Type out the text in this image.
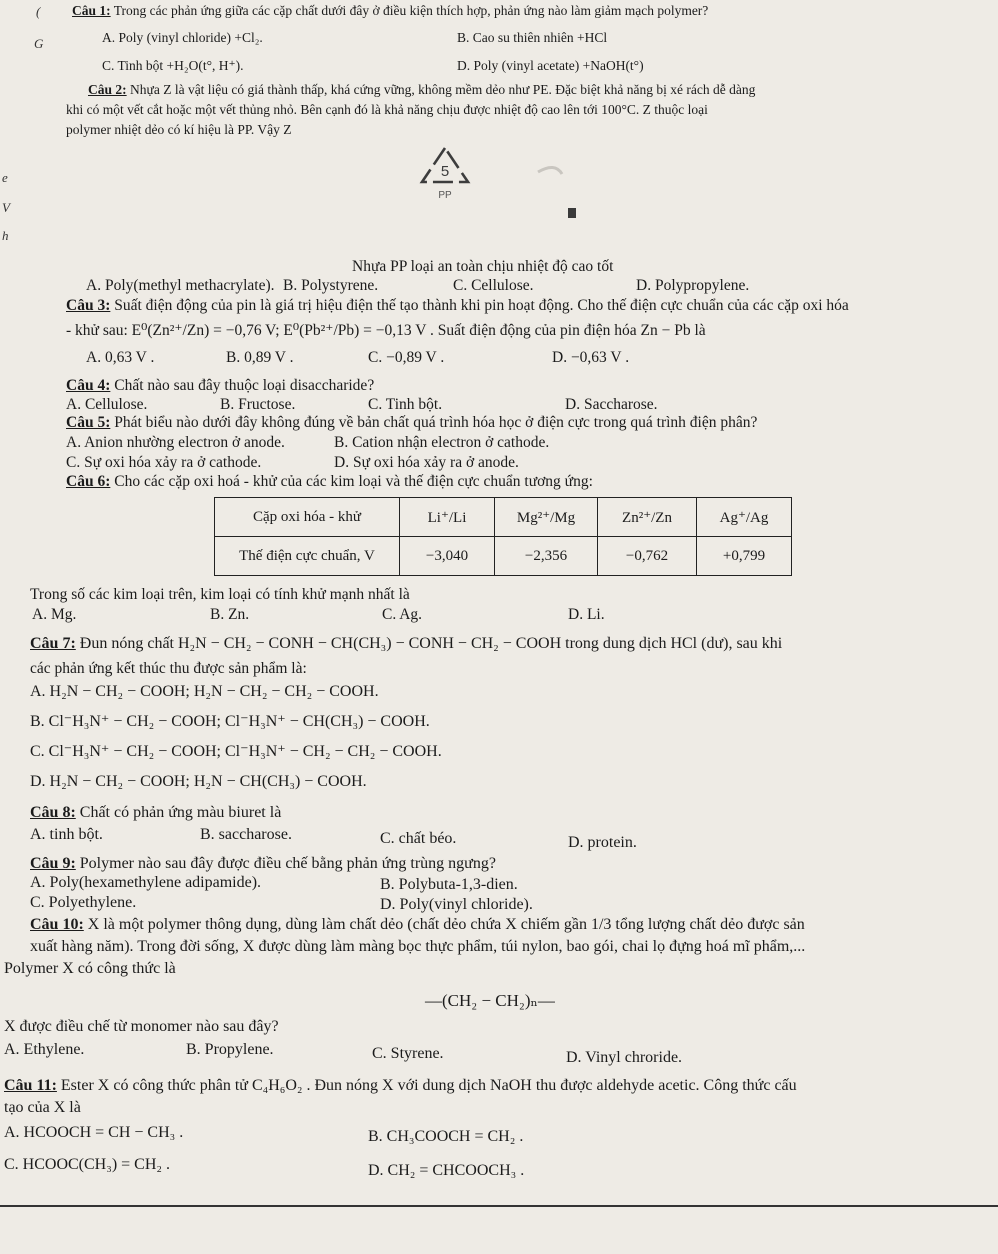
(
G
e
V
h
Câu 1: Trong các phản ứng giữa các cặp chất dưới đây ở điều kiện thích hợp, phản ứng nào làm giảm mạch polymer?
A. Poly (vinyl chloride) +Cl₂.	B. Cao su thiên nhiên +HCl
C. Tinh bột +H₂O(t°, H⁺).	D. Poly (vinyl acetate) +NaOH(t°)
Câu 2: Nhựa Z là vật liệu có giá thành thấp, khá cứng vững, không mềm dẻo như PE. Đặc biệt khả năng bị xé rách dễ dàng
khi có một vết cắt hoặc một vết thủng nhỏ. Bên cạnh đó là khả năng chịu được nhiệt độ cao lên tới 100°C. Z thuộc loại
polymer nhiệt dẻo có kí hiệu là PP. Vậy Z
5
PP
Nhựa PP loại an toàn chịu nhiệt độ cao tốt
A. Poly(methyl methacrylate). B. Polystyrene.	C. Cellulose.	D. Polypropylene.
Câu 3: Suất điện động của pin là giá trị hiệu điện thế tạo thành khi pin hoạt động. Cho thế điện cực chuẩn của các cặp oxi hóa
- khử sau: E⁰(Zn²⁺/Zn) = −0,76 V; E⁰(Pb²⁺/Pb) = −0,13 V . Suất điện động của pin điện hóa Zn − Pb là
A. 0,63 V .	B. 0,89 V .	C. −0,89 V .	D. −0,63 V .
Câu 4: Chất nào sau đây thuộc loại disaccharide?
A. Cellulose.	B. Fructose.	C. Tinh bột.	D. Saccharose.
Câu 5: Phát biểu nào dưới đây không đúng về bản chất quá trình hóa học ở điện cực trong quá trình điện phân?
A. Anion nhường electron ở anode.	B. Cation nhận electron ở cathode.
C. Sự oxi hóa xảy ra ở cathode.	D. Sự oxi hóa xảy ra ở anode.
Câu 6: Cho các cặp oxi hoá - khử của các kim loại và thế điện cực chuẩn tương ứng:
Cặp oxi hóa - khử	Li⁺/Li	Mg²⁺/Mg	Zn²⁺/Zn	Ag⁺/Ag
Thế điện cực chuẩn, V	−3,040	−2,356	−0,762	+0,799
Trong số các kim loại trên, kim loại có tính khử mạnh nhất là
A. Mg.	B. Zn.	C. Ag.	D. Li.
Câu 7: Đun nóng chất H₂N − CH₂ − CONH − CH(CH₃) − CONH − CH₂ − COOH trong dung dịch HCl (dư), sau khi
các phản ứng kết thúc thu được sản phẩm là:
A. H₂N − CH₂ − COOH; H₂N − CH₂ − CH₂ − COOH.
B. Cl⁻H₃N⁺ − CH₂ − COOH; Cl⁻H₃N⁺ − CH(CH₃) − COOH.
C. Cl⁻H₃N⁺ − CH₂ − COOH; Cl⁻H₃N⁺ − CH₂ − CH₂ − COOH.
D. H₂N − CH₂ − COOH; H₂N − CH(CH₃) − COOH.
Câu 8: Chất có phản ứng màu biuret là
A. tinh bột.	B. saccharose.	C. chất béo.	D. protein.
Câu 9: Polymer nào sau đây được điều chế bằng phản ứng trùng ngưng?
A. Poly(hexamethylene adipamide).	B. Polybuta-1,3-dien.
C. Polyethylene.	D. Poly(vinyl chloride).
Câu 10: X là một polymer thông dụng, dùng làm chất dẻo (chất dẻo chứa X chiếm gần 1/3 tổng lượng chất dẻo được sản
xuất hàng năm). Trong đời sống, X được dùng làm màng bọc thực phẩm, túi nylon, bao gói, chai lọ đựng hoá mĩ phẩm,...
Polymer X có công thức là
—(CH₂ − CH₂)ₙ—
X được điều chế từ monomer nào sau đây?
A. Ethylene.	B. Propylene.	C. Styrene.	D. Vinyl chroride.
Câu 11: Ester X có công thức phân tử C₄H₆O₂ . Đun nóng X với dung dịch NaOH thu được aldehyde acetic. Công thức cấu
tạo của X là
A. HCOOCH = CH − CH₃ .	B. CH₃COOCH = CH₂ .
C. HCOOC(CH₃) = CH₂ .	D. CH₂ = CHCOOCH₃ .
